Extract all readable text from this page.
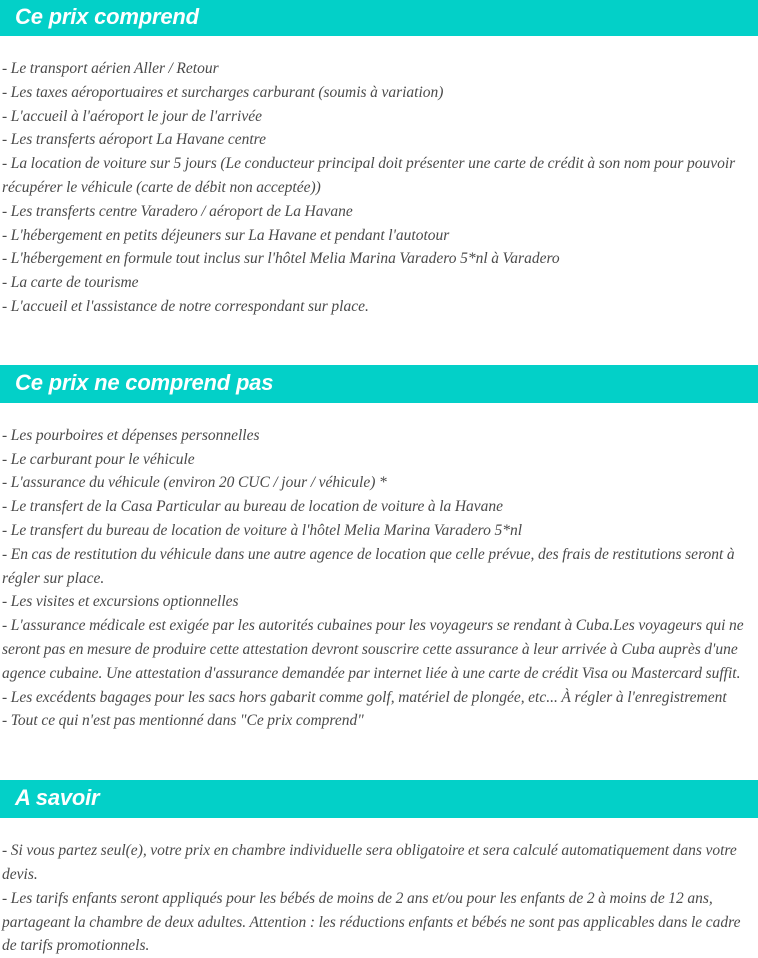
Ce prix comprend

- Le transport aérien Aller / Retour

- Les taxes aéroportuaires et surcharges carburant (soumis à variation)

- L'accueil à l'aéroport le jour de l'arrivée

- Les transferts aéroport La Havane centre

- La location de voiture sur 5 jours (Le conducteur principal doit présenter une carte de crédit à son nom pour pouvoir récupérer le véhicule (carte de débit non acceptée))

- Les transferts centre Varadero / aéroport de La Havane

- L'hébergement en petits déjeuners sur La Havane et pendant l'autotour

- L'hébergement en formule tout inclus sur l'hôtel Melia Marina Varadero 5*nl à Varadero

- La carte de tourisme

- L'accueil et l'assistance de notre correspondant sur place.

Ce prix ne comprend pas

- Les pourboires et dépenses personnelles

- Le carburant pour le véhicule

- L'assurance du véhicule (environ 20 CUC / jour / véhicule) *

- Le transfert de la Casa Particular au bureau de location de voiture à la Havane

- Le transfert du bureau de location de voiture à l'hôtel Melia Marina Varadero 5*nl

- En cas de restitution du véhicule dans une autre agence de location que celle prévue, des frais de restitutions seront à régler sur place.

- Les visites et excursions optionnelles

- L'assurance médicale est exigée par les autorités cubaines pour les voyageurs se rendant à Cuba.Les voyageurs qui ne seront pas en mesure de produire cette attestation devront souscrire cette assurance à leur arrivée à Cuba auprès d'une agence cubaine. Une attestation d'assurance demandée par internet liée à une carte de crédit Visa ou Mastercard suffit.

- Les excédents bagages pour les sacs hors gabarit comme golf, matériel de plongée, etc... À régler à l'enregistrement

- Tout ce qui n'est pas mentionné dans "Ce prix comprend"

A savoir

- Si vous partez seul(e), votre prix en chambre individuelle sera obligatoire et sera calculé automatiquement dans votre devis.

- Les tarifs enfants seront appliqués pour les bébés de moins de 2 ans et/ou pour les enfants de 2 à moins de 12 ans, partageant la chambre de deux adultes. Attention : les réductions enfants et bébés ne sont pas applicables dans le cadre de tarifs promotionnels.
